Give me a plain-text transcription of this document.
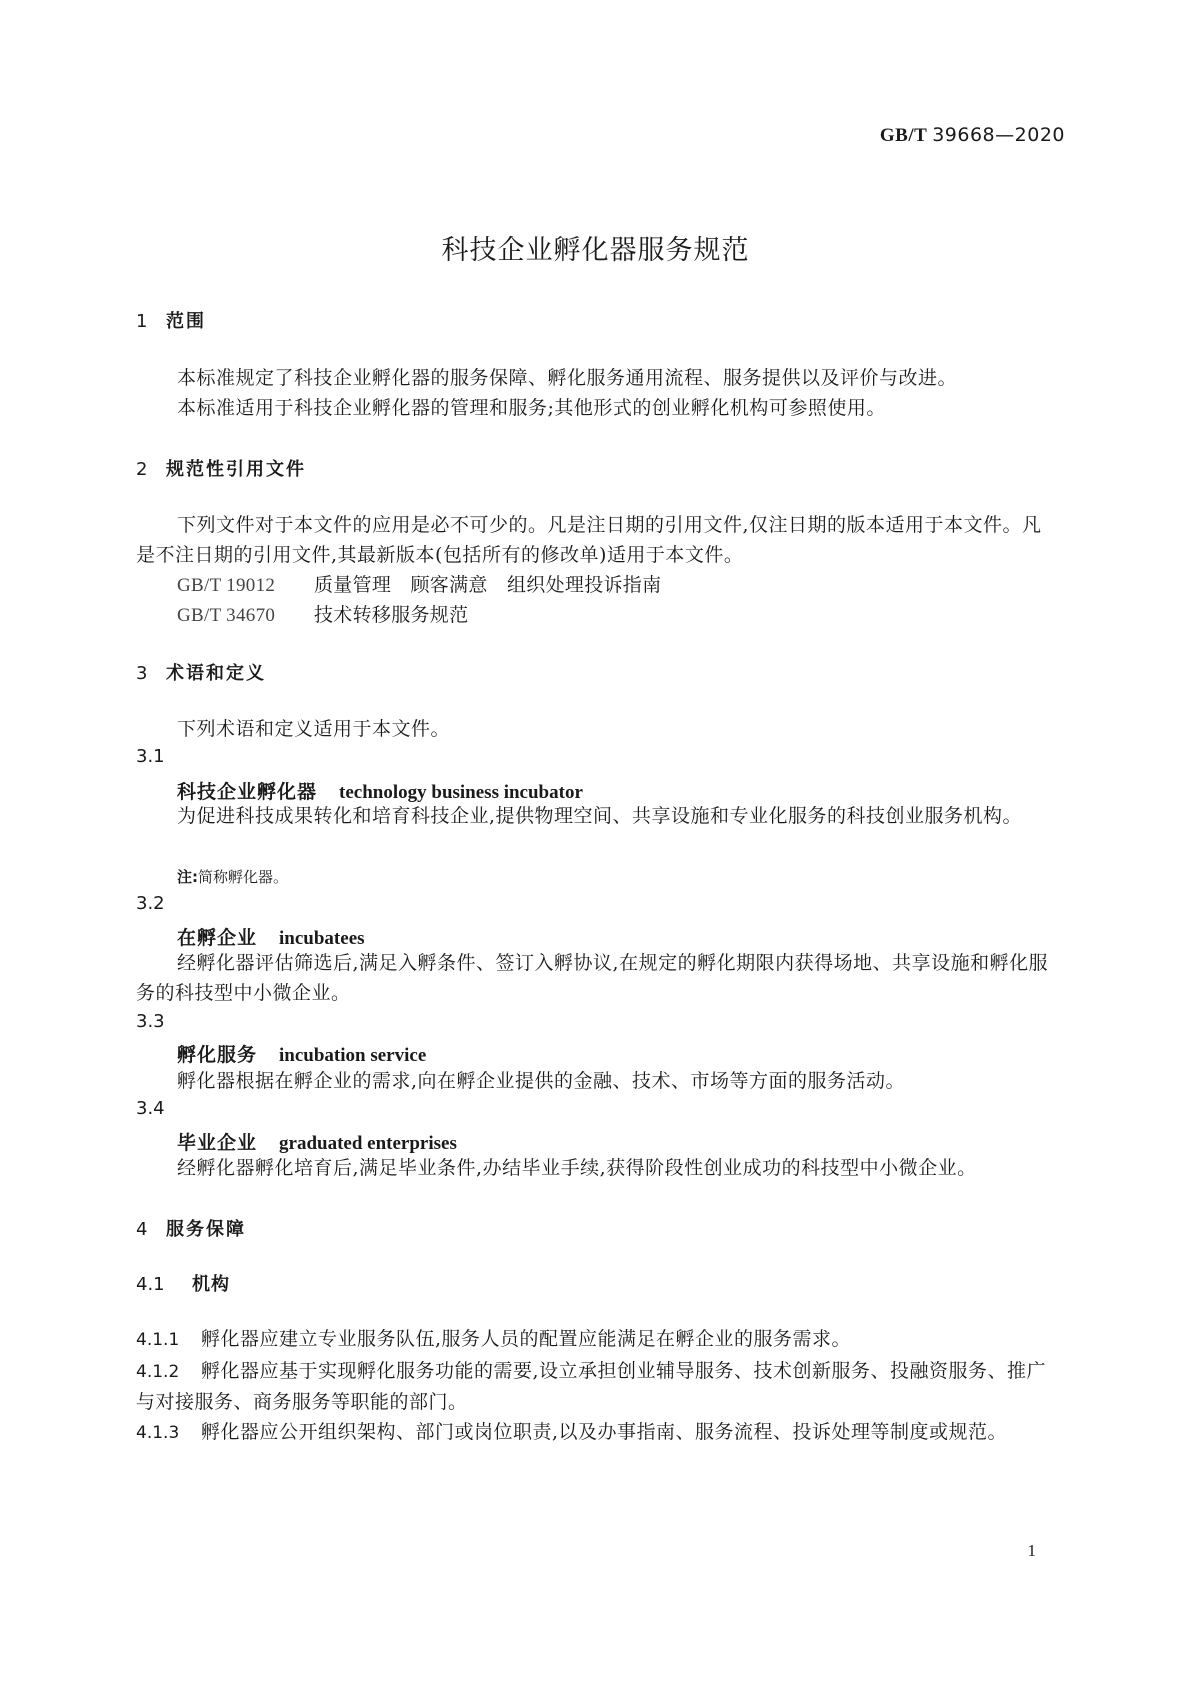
GB/T 39668—2020
科技企业孵化器服务规范
1 范围
本标准规定了科技企业孵化器的服务保障、孵化服务通用流程、服务提供以及评价与改进。
本标准适用于科技企业孵化器的管理和服务;其他形式的创业孵化机构可参照使用。
2 规范性引用文件
下列文件对于本文件的应用是必不可少的。凡是注日期的引用文件,仅注日期的版本适用于本文件。凡是不注日期的引用文件,其最新版本(包括所有的修改单)适用于本文件。
GB/T 19012 质量管理　顾客满意　组织处理投诉指南
GB/T 34670 技术转移服务规范
3 术语和定义
下列术语和定义适用于本文件。
3.1
科技企业孵化器 technology business incubator
为促进科技成果转化和培育科技企业,提供物理空间、共享设施和专业化服务的科技创业服务机构。
注:简称孵化器。
3.2
在孵企业 incubatees
经孵化器评估筛选后,满足入孵条件、签订入孵协议,在规定的孵化期限内获得场地、共享设施和孵化服务的科技型中小微企业。
3.3
孵化服务 incubation service
孵化器根据在孵企业的需求,向在孵企业提供的金融、技术、市场等方面的服务活动。
3.4
毕业企业 graduated enterprises
经孵化器孵化培育后,满足毕业条件,办结毕业手续,获得阶段性创业成功的科技型中小微企业。
4 服务保障
4.1 机构
4.1.1 孵化器应建立专业服务队伍,服务人员的配置应能满足在孵企业的服务需求。
4.1.2 孵化器应基于实现孵化服务功能的需要,设立承担创业辅导服务、技术创新服务、投融资服务、推广与对接服务、商务服务等职能的部门。
4.1.3 孵化器应公开组织架构、部门或岗位职责,以及办事指南、服务流程、投诉处理等制度或规范。
1
